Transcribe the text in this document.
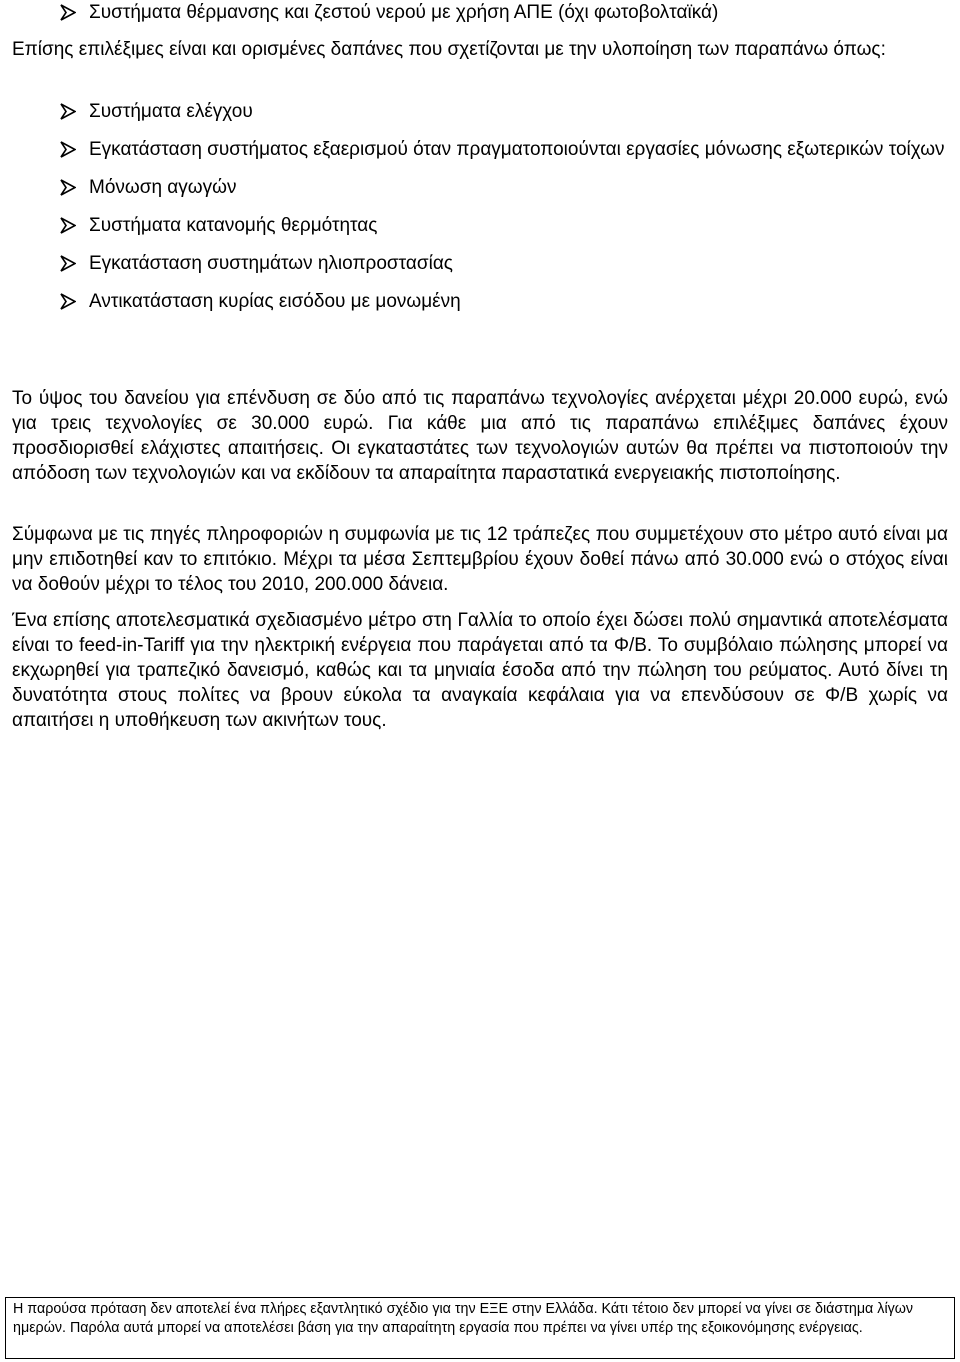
Συστήματα θέρμανσης και ζεστού νερού με χρήση ΑΠΕ (όχι φωτοβολταϊκά)

Επίσης επιλέξιμες είναι και ορισμένες δαπάνες που σχετίζονται με την υλοποίηση των παραπάνω όπως:

Συστήματα ελέγχου
Εγκατάσταση συστήματος εξαερισμού όταν πραγματοποιούνται εργασίες μόνωσης εξωτερικών τοίχων
Μόνωση αγωγών
Συστήματα κατανομής θερμότητας
Εγκατάσταση συστημάτων ηλιοπροστασίας
Αντικατάσταση κυρίας εισόδου με μονωμένη

Το ύψος του δανείου για επένδυση σε δύο από τις παραπάνω τεχνολογίες ανέρχεται μέχρι 20.000 ευρώ, ενώ για τρεις τεχνολογίες σε 30.000 ευρώ. Για κάθε μια από τις παραπάνω επιλέξιμες δαπάνες έχουν προσδιορισθεί ελάχιστες απαιτήσεις. Οι εγκαταστάτες των τεχνολογιών αυτών θα πρέπει να πιστοποιούν την απόδοση των τεχνολογιών και να εκδίδουν τα απαραίτητα παραστατικά ενεργειακής πιστοποίησης.

Σύμφωνα με τις πηγές πληροφοριών η συμφωνία με τις 12 τράπεζες που συμμετέχουν στο μέτρο αυτό είναι μα μην επιδοτηθεί καν το επιτόκιο. Μέχρι τα μέσα Σεπτεμβρίου έχουν δοθεί πάνω από 30.000 ενώ ο στόχος είναι να δοθούν μέχρι το τέλος του 2010, 200.000 δάνεια.

Ένα επίσης αποτελεσματικά σχεδιασμένο μέτρο στη Γαλλία το οποίο έχει δώσει πολύ σημαντικά αποτελέσματα είναι το feed-in-Tariff για την ηλεκτρική ενέργεια που παράγεται από τα Φ/Β. Το συμβόλαιο πώλησης μπορεί να εκχωρηθεί για τραπεζικό δανεισμό, καθώς και τα μηνιαία έσοδα από την πώληση του ρεύματος. Αυτό δίνει τη δυνατότητα στους πολίτες να βρουν εύκολα τα αναγκαία κεφάλαια για να επενδύσουν σε Φ/Β χωρίς να απαιτήσει η υποθήκευση των ακινήτων τους.

Η παρούσα πρόταση δεν αποτελεί ένα πλήρες εξαντλητικό σχέδιο για την ΕΞΕ στην Ελλάδα. Κάτι τέτοιο δεν μπορεί να γίνει σε διάστημα λίγων ημερών. Παρόλα αυτά μπορεί να αποτελέσει βάση για την απαραίτητη εργασία που πρέπει να γίνει υπέρ της εξοικονόμησης ενέργειας.
